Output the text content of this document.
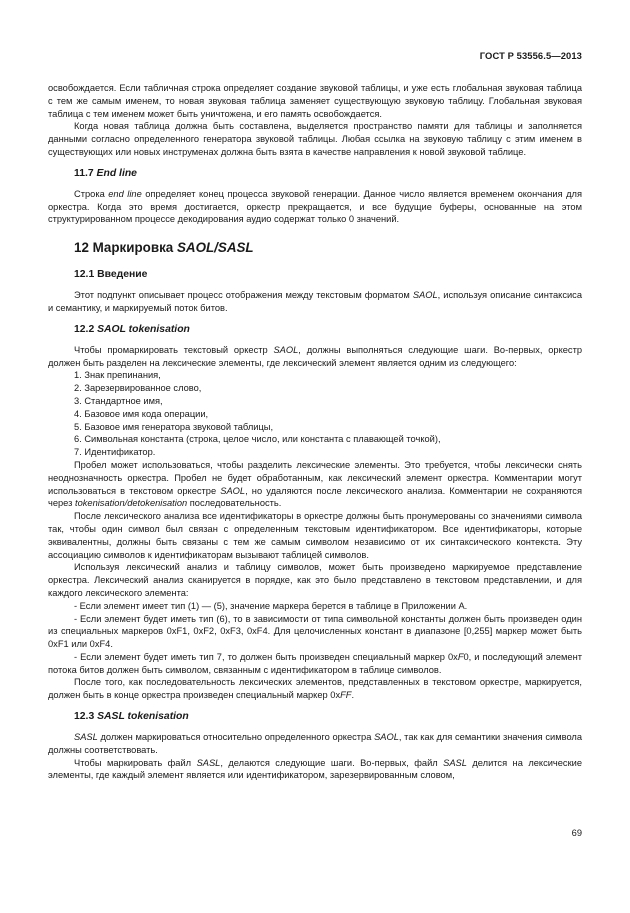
ГОСТ Р 53556.5—2013

освобождается. Если табличная строка определяет создание звуковой таблицы, и уже есть глобальная звуковая таблица с тем же самым именем, то новая звуковая таблица заменяет существующую звуковую таблицу. Глобальная звуковая таблица с тем именем может быть уничтожена, и его память освобождается.

Когда новая таблица должна быть составлена, выделяется пространство памяти для таблицы и заполняется данными согласно определенного генератора звуковой таблицы. Любая ссылка на звуковую таблицу с этим именем в существующих или новых инструменах должна быть взята в качестве направления к новой звуковой таблице.

11.7 End line

Строка end line определяет конец процесса звуковой генерации. Данное число является временем окончания для оркестра. Когда это время достигается, оркестр прекращается, и все будущие буферы, основанные на этом структурированном процессе декодирования аудио содержат только 0 значений.

12 Маркировка SAOL/SASL
12.1 Введение

Этот подпункт описывает процесс отображения между текстовым форматом SAOL, используя описание синтаксиса и семантику, и маркируемый поток битов.

12.2 SAOL tokenisation

Чтобы промаркировать текстовый оркестр SAOL, должны выполняться следующие шаги. Во-первых, оркестр должен быть разделен на лексические элементы, где лексический элемент является одним из следующего:

1. Знак препинания,
2. Зарезервированное слово,
3. Стандартное имя,
4. Базовое имя кода операции,
5. Базовое имя генератора звуковой таблицы,
6. Символьная константа (строка, целое число, или константа с плавающей точкой),
7. Идентификатор.

Пробел может использоваться, чтобы разделить лексические элементы. Это требуется, чтобы лексически снять неоднозначность оркестра. Пробел не будет обработанным, как лексический элемент оркестра. Комментарии могут использоваться в текстовом оркестре SAOL, но удаляются после лексического анализа. Комментарии не сохраняются через tokenisation/detokenisation последовательность.

После лексического анализа все идентификаторы в оркестре должны быть пронумерованы со значениями символа так, чтобы один символ был связан с определенным текстовым идентификатором. Все идентификаторы, которые эквивалентны, должны быть связаны с тем же самым символом независимо от их синтаксического контекста. Эту ассоциацию символов к идентификаторам вызывают таблицей символов.

Используя лексический анализ и таблицу символов, может быть произведено маркируемое представление оркестра. Лексический анализ сканируется в порядке, как это было представлено в текстовом представлении, и для каждого лексического элемента:

- Если элемент имеет тип (1) — (5), значение маркера берется в таблице в Приложении А.

- Если элемент будет иметь тип (6), то в зависимости от типа символьной константы должен быть произведен один из специальных маркеров 0xF1, 0xF2, 0xF3, 0xF4. Для целочисленных констант в диапазоне [0,255] маркер может быть 0xF1 или 0xF4.

- Если элемент будет иметь тип 7, то должен быть произведен специальный маркер 0xF0, и последующий элемент потока битов должен быть символом, связанным с идентификатором в таблице символов.

После того, как последовательность лексических элементов, представленных в текстовом оркестре, маркируется, должен быть в конце оркестра произведен специальный маркер 0xFF.

12.3 SASL tokenisation

SASL должен маркироваться относительно определенного оркестра SAOL, так как для семантики значения символа должны соответствовать.

Чтобы маркировать файл SASL, делаются следующие шаги. Во-первых, файл SASL делится на лексические элементы, где каждый элемент является или идентификатором, зарезервированным словом,

69
